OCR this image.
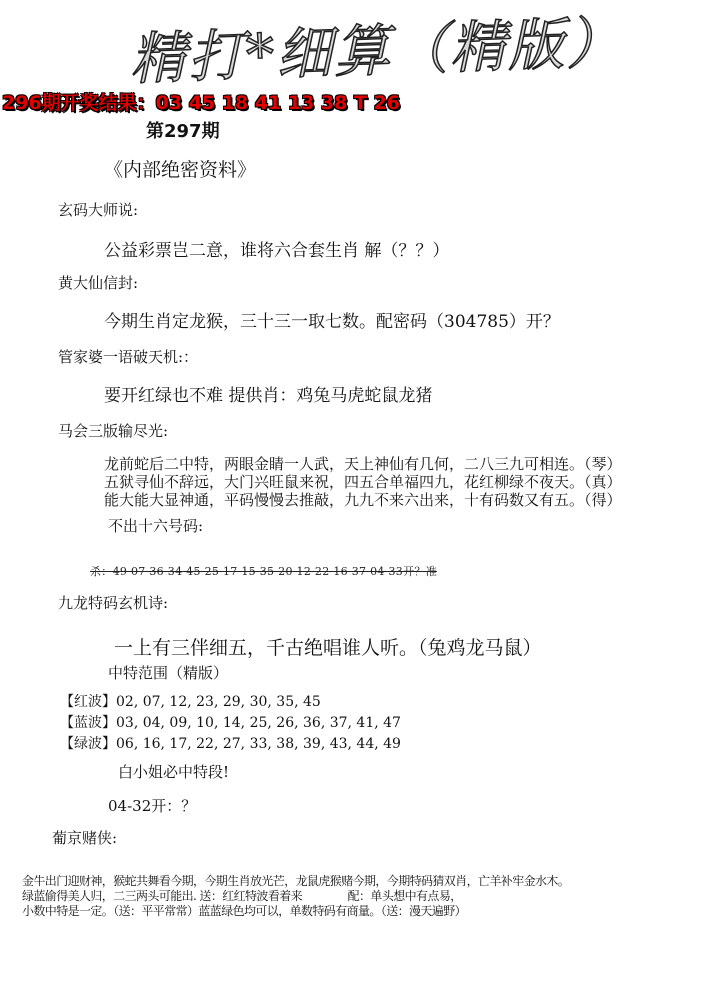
精打*细算（精版）
296期开奖结果：03 45 18 41 13 38 T 26
第297期
《内部绝密资料》
玄码大师说:
公益彩票岂二意，谁将六合套生肖 解（？？）
黄大仙信封:
今期生肖定龙猴，三十三一取七数。配密码（304785）开？
管家婆一语破天机:：
要开红绿也不难 提供肖：鸡兔马虎蛇鼠龙猪
马会三版输尽光:
龙前蛇后二中特，两眼金睛一人武，天上神仙有几何，二八三九可相连。（琴）
五狱寻仙不辞远，大门兴旺鼠来祝，四五合单福四九，花红柳绿不夜天。（真）
能大能大显神通，平码慢慢去推敲，九九不来六出来，十有码数又有五。（得）
不出十六号码:
杀：49 07 36 34 45 25 17 15 35 20 12 22 16 37 04 33开？准
九龙特码玄机诗:
一上有三伴细五，千古绝唱谁人听。（兔鸡龙马鼠）
中特范围（精版）
【红波】02, 07, 12, 23, 29, 30, 35, 45
【蓝波】03, 04, 09, 10, 14, 25, 26, 36, 37, 41, 47
【绿波】06, 16, 17, 22, 27, 33, 38, 39, 43, 44, 49
白小姐必中特段!
04-32开：？
葡京赌侠:
金牛出门迎财神，猴蛇共舞看今期，今期生肖放光芒，龙鼠虎猴赌今期，今期特码猜双肖，亡羊补牢金水木。
绿蓝偷得美人归，二三两头可能出. 送：红红特波看着来　　　　配：单头想中有点易，
小数中特是一定。（送：平平常常）蓝蓝绿色均可以，单数特码有商量。（送：漫天遍野）
